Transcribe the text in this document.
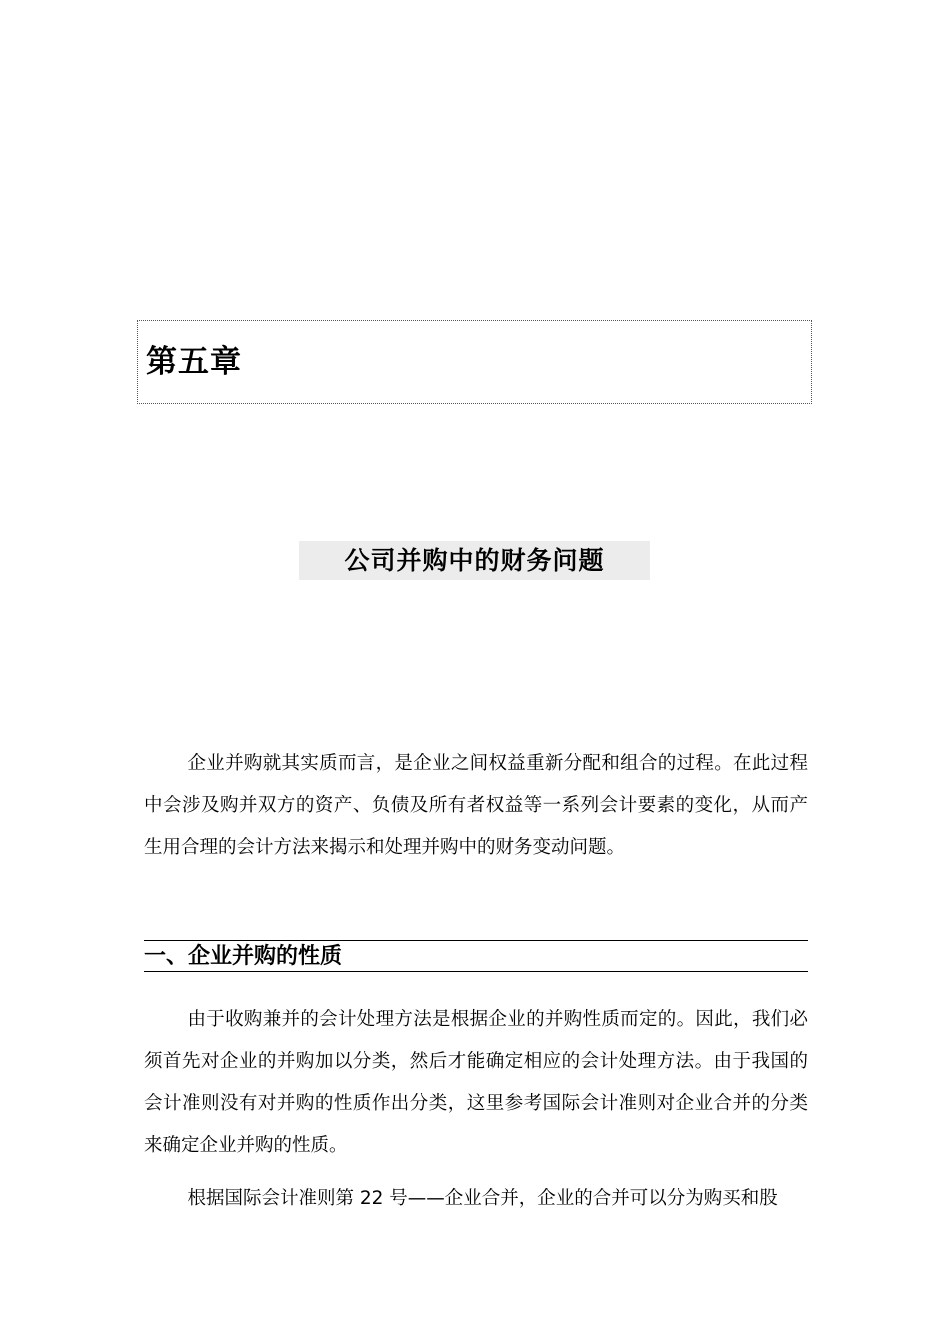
第五章
公司并购中的财务问题

企业并购就其实质而言，是企业之间权益重新分配和组合的过程。在此过程中会涉及购并双方的资产、负债及所有者权益等一系列会计要素的变化，从而产生用合理的会计方法来揭示和处理并购中的财务变动问题。

一、企业并购的性质

由于收购兼并的会计处理方法是根据企业的并购性质而定的。因此，我们必须首先对企业的并购加以分类，然后才能确定相应的会计处理方法。由于我国的会计准则没有对并购的性质作出分类，这里参考国际会计准则对企业合并的分类来确定企业并购的性质。

根据国际会计准则第 22 号——企业合并，企业的合并可以分为购买和股
